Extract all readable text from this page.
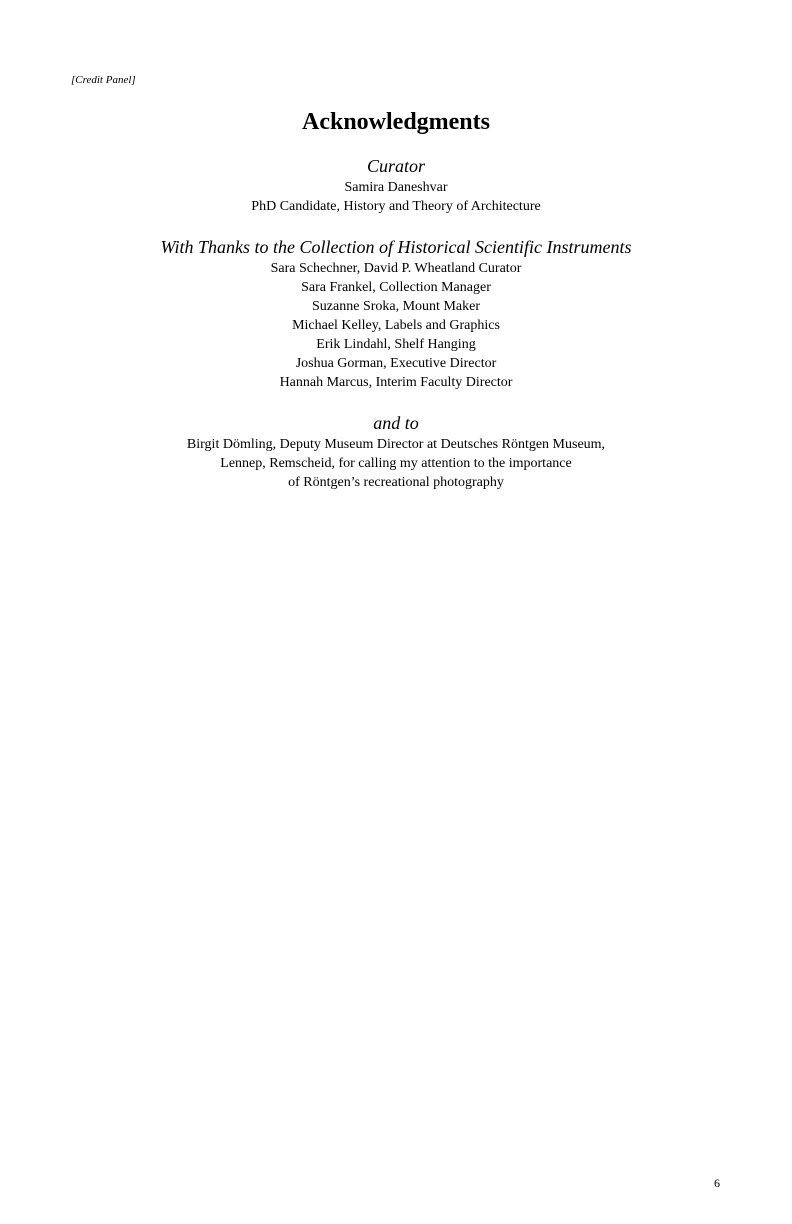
[Credit Panel]
Acknowledgments

Curator

Samira Daneshvar

PhD Candidate, History and Theory of Architecture

With Thanks to the Collection of Historical Scientific Instruments

Sara Schechner, David P. Wheatland Curator

Sara Frankel, Collection Manager

Suzanne Sroka, Mount Maker

Michael Kelley, Labels and Graphics

Erik Lindahl, Shelf Hanging

Joshua Gorman, Executive Director

Hannah Marcus, Interim Faculty Director

and to

Birgit Dömling, Deputy Museum Director at Deutsches Röntgen Museum,

Lennep, Remscheid, for calling my attention to the importance

of Röntgen’s recreational photography

6
